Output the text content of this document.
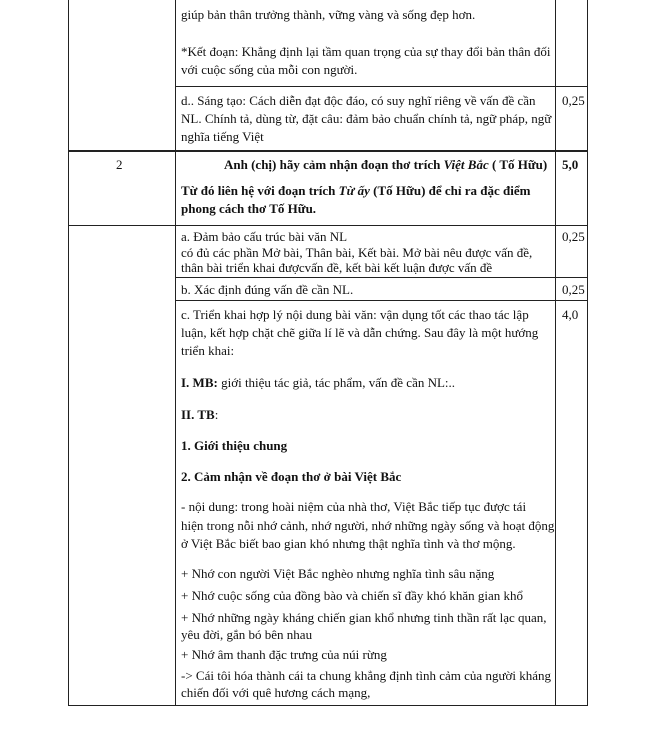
giúp bản thân trưởng thành, vững vàng và sống đẹp hơn.
*Kết đoạn: Khẳng định lại tầm quan trọng của sự thay đổi bản thân đối
với cuộc sống của mỗi con người.
d.. Sáng tạo: Cách diễn đạt độc đáo, có suy nghĩ riêng về vấn đề cần
NL. Chính tả, dùng từ, đặt câu: đảm bảo chuẩn chính tả, ngữ pháp, ngữ
nghĩa tiếng Việt
0,25
2	Anh (chị) hãy cảm nhận đoạn thơ trích Việt Bắc ( Tố Hữu) 5,0
Từ đó liên hệ với đoạn trích Từ ấy (Tố Hữu) để chỉ ra đặc điểm
phong cách thơ Tố Hữu.
a. Đảm bảo cấu trúc bài văn NL
có đủ các phần Mở bài, Thân bài, Kết bài. Mở bài nêu được vấn đề,
thân bài triển khai đượcvấn đề, kết bài kết luận được vấn đề
0,25
b. Xác định đúng vấn đề cần NL.	0,25
c. Triển khai hợp lý nội dung bài văn: vận dụng tốt các thao tác lập
luận, kết hợp chặt chẽ giữa lí lẽ và dẫn chứng. Sau đây là một hướng
triển khai:
4,0
I. MB: giới thiệu tác giả, tác phẩm, vấn đề cần NL:..
II. TB:
1. Giới thiệu chung
2. Cảm nhận về đoạn thơ ở bài Việt Bắc
- nội dung: trong hoài niệm của nhà thơ, Việt Bắc tiếp tục được tái
hiện trong nỗi nhớ cảnh, nhớ người, nhớ những ngày sống và hoạt động
ở Việt Bắc biết bao gian khó nhưng thật nghĩa tình và thơ mộng.
+ Nhớ con người Việt Bắc nghèo nhưng nghĩa tình sâu nặng
+ Nhớ cuộc sống của đồng bào và chiến sĩ đầy khó khăn gian khổ
+ Nhớ những ngày kháng chiến gian khổ nhưng tinh thần rất lạc quan,
yêu đời, gắn bó bên nhau
+ Nhớ âm thanh đặc trưng của núi rừng
-> Cái tôi hóa thành cái ta chung khẳng định tình cảm của người kháng
chiến đối với quê hương cách mạng,
